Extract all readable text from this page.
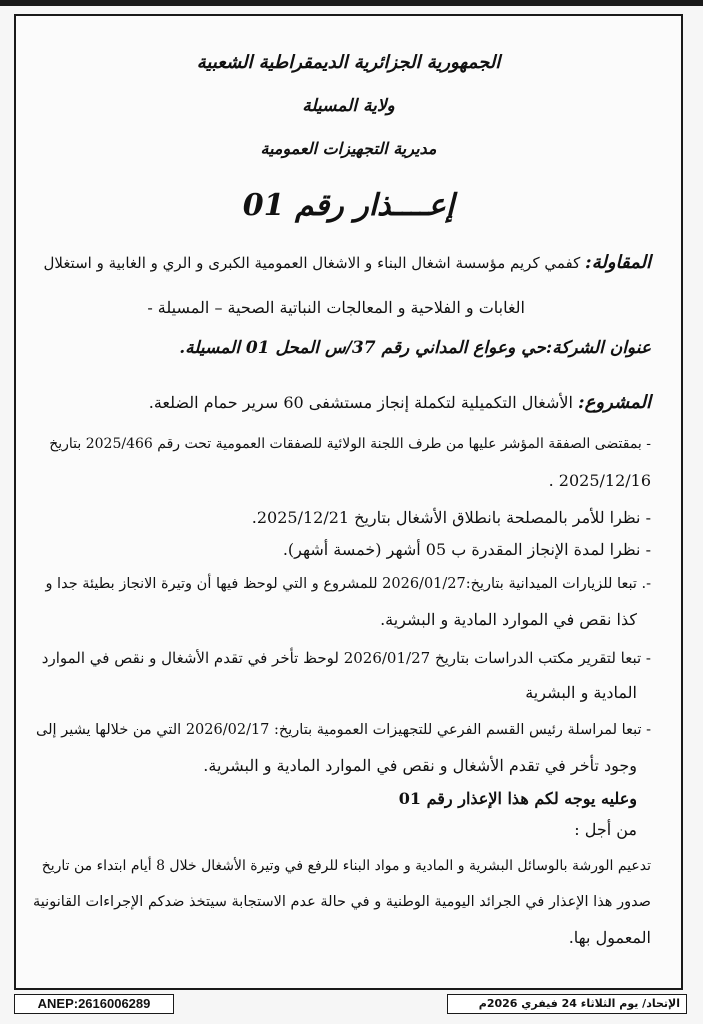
الجمهورية الجزائرية الديمقراطية الشعبية
ولاية المسيلة
مديرية التجهيزات العمومية
إعــــذار رقم 01
المقاولة: كفمي كريم مؤسسة اشغال البناء و الاشغال العمومية الكبرى و الري و الغابية و استغلال
الغابات و الفلاحية و المعالجات النباتية الصحية – المسيلة -
عنوان الشركة:حي وعواع المداني رقم 37/س المحل 01 المسيلة.
المشروع: الأشغال التكميلية لتكملة إنجاز مستشفى 60 سرير حمام الضلعة.
- بمقتضى الصفقة المؤشر عليها من طرف اللجنة الولائية للصفقات العمومية تحت رقم 2025/466 بتاريخ
2025/12/16 .
- نظرا للأمر بالمصلحة بانطلاق الأشغال بتاريخ 2025/12/21.
- نظرا لمدة الإنجاز المقدرة ب 05 أشهر (خمسة أشهر).
-. تبعا للزيارات الميدانية بتاريخ:2026/01/27 للمشروع و التي لوحظ فيها أن وتيرة الانجاز بطيئة جدا و
كذا نقص في الموارد المادية و البشرية.
- تبعا لتقرير مكتب الدراسات بتاريخ 2026/01/27 لوحظ تأخر في تقدم الأشغال و نقص في الموارد
المادية و البشرية
- تبعا لمراسلة رئيس القسم الفرعي للتجهيزات العمومية بتاريخ: 2026/02/17 التي من خلالها يشير إلى
وجود تأخر في تقدم الأشغال و نقص في الموارد المادية و البشرية.
وعليه يوجه لكم هذا الإعذار رقم 01
من أجل :
تدعيم الورشة بالوسائل البشرية و المادية و مواد البناء للرفع في وتيرة الأشغال خلال 8 أيام ابتداء من تاريخ
صدور هذا الإعذار في الجرائد اليومية الوطنية و في حالة عدم الاستجابة سيتخذ ضدكم الإجراءات القانونية
المعمول بها.
ANEP:2616006289	الإتحاد/ يوم الثلاثاء 24 فيفري 2026م
